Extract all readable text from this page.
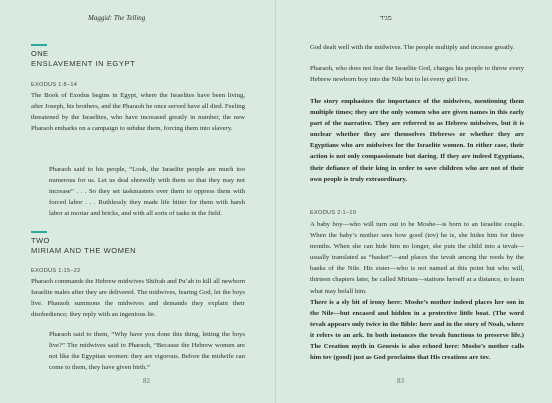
Maggid: The Telling
ONE
ENSLAVEMENT IN EGYPT
EXODUS 1:8–14
The Book of Exodus begins in Egypt, where the Israelites have been living, after Joseph, his brothers, and the Pharaoh he once served have all died. Feeling threatened by the Israelites, who have increased greatly in number, the new Pharaoh embarks on a campaign to subdue them, forcing them into slavery.
Pharaoh said to his people, “Look, the Israelite people are much too numerous for us. Let us deal shrewdly with them so that they may not increase” . . . So they set taskmasters over them to oppress them with forced labor . . . Ruthlessly they made life bitter for them with harsh labor at mortar and bricks, and with all sorts of tasks in the field.
TWO
MIRIAM AND THE WOMEN
EXODUS 1:15–22
Pharaoh commands the Hebrew midwives Shifrah and Pu’ah to kill all newborn Israelite males after they are delivered. The midwives, fearing God, let the boys live. Pharaoh summons the midwives and demands they explain their disobedience; they reply with an ingenious lie.
Pharaoh said to them, “Why have you done this thing, letting the boys live?” The midwives said to Pharaoh, “Because the Hebrew women are not like the Egyptian women: they are vigorous. Before the midwife can come to them, they have given birth.”
82
מגיד
God dealt well with the midwives. The people multiply and increase greatly.
Pharaoh, who does not fear the Israelite God, charges his people to throw every Hebrew newborn boy into the Nile but to let every girl live.
The story emphasizes the importance of the midwives, mentioning them multiple times; they are the only women who are given names in this early part of the narrative. They are referred to as Hebrew midwives, but it is unclear whether they are themselves Hebrews or whether they are Egyptians who are midwives for the Israelite women. In either case, their action is not only compassionate but daring. If they are indeed Egyptians, their defiance of their king in order to save children who are not of their own people is truly extraordinary.
EXODUS 2:1–10
A baby boy—who will turn out to be Moshe—is born to an Israelite couple. When the baby’s mother sees how good (tov) he is, she hides him for three months. When she can hide him no longer, she puts the child into a tevah—usually translated as “basket”—and places the tevah among the reeds by the banks of the Nile. His sister—who is not named at this point but who will, thirteen chapters later, be called Miriam—stations herself at a distance, to learn what may befall him.
There is a sly bit of irony here: Moshe’s mother indeed places her son in the Nile—but encased and hidden in a protective little boat. (The word tevah appears only twice in the Bible: here and in the story of Noah, where it refers to an ark. In both instances the tevah functions to preserve life.) The Creation myth in Genesis is also echoed here: Moshe’s mother calls him tov (good) just as God proclaims that His creations are tov.
83
